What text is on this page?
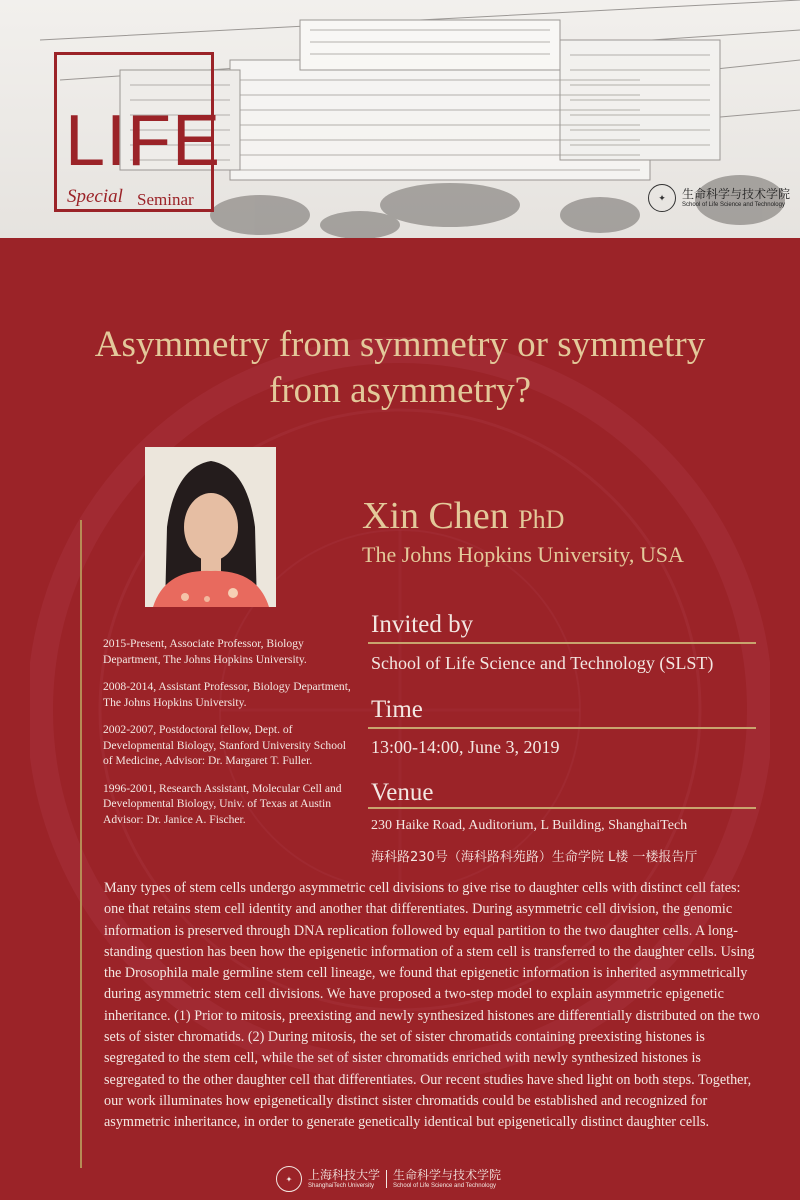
LIFE
Special Seminar	✦	生命科学与技术学院
School of Life Science and Technology
Asymmetry from symmetry or symmetry
from asymmetry?
Xin Chen PhD
The Johns Hopkins University, USA

2015-Present, Associate Professor, Biology Department, The Johns Hopkins University.

2008-2014, Assistant Professor, Biology Department, The Johns Hopkins University.

2002-2007, Postdoctoral fellow, Dept. of Developmental Biology, Stanford University School of Medicine, Advisor: Dr. Margaret T. Fuller.

1996-2001, Research Assistant, Molecular Cell and Developmental Biology, Univ. of Texas at Austin Advisor: Dr. Janice A. Fischer.

Invited by
School of Life Science and Technology (SLST)
Time
13:00-14:00, June 3, 2019
Venue
230 Haike Road, Auditorium, L Building, ShanghaiTech
海科路230号（海科路科苑路）生命学院 L楼 一楼报告厅
Many types of stem cells undergo asymmetric cell divisions to give rise to daughter cells with distinct cell fates: one that retains stem cell identity and another that differentiates. During asymmetric cell division, the genomic information is preserved through DNA replication followed by equal partition to the two daughter cells. A long-standing question has been how the epigenetic information of a stem cell is transferred to the daughter cells. Using the Drosophila male germline stem cell lineage, we found that epigenetic information is inherited asymmetrically during asymmetric stem cell divisions. We have proposed a two-step model to explain asymmetric epigenetic inheritance. (1) Prior to mitosis, preexisting and newly synthesized histones are differentially distributed on the two sets of sister chromatids. (2) During mitosis, the set of sister chromatids containing preexisting histones is segregated to the stem cell, while the set of sister chromatids enriched with newly synthesized histones is segregated to the other daughter cell that differentiates. Our recent studies have shed light on both steps. Together, our work illuminates how epigenetically distinct sister chromatids could be established and recognized for asymmetric inheritance, in order to generate genetically identical but epigenetically distinct daughter cells.
✦	上海科技大学
ShanghaiTech University
生命科学与技术学院
School of Life Science and Technology
